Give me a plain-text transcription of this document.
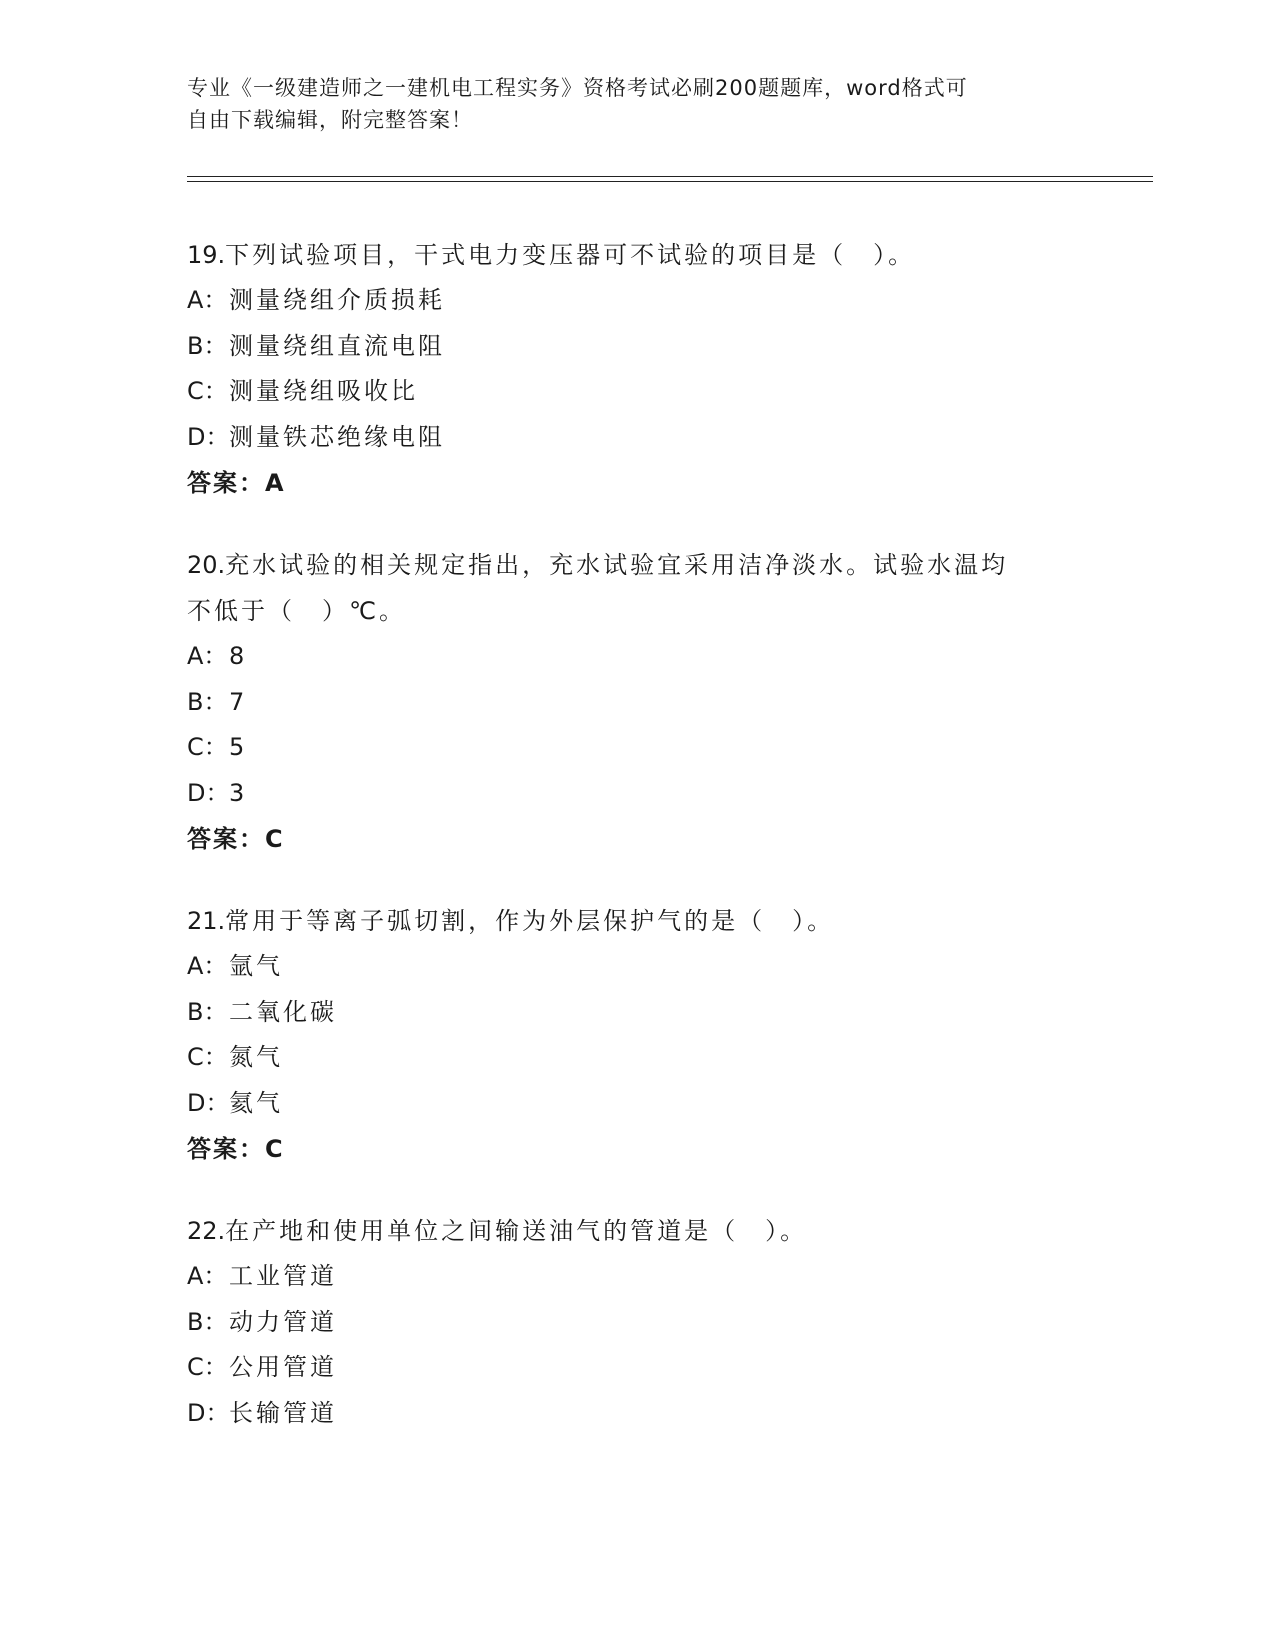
专业《一级建造师之一建机电工程实务》资格考试必刷200题题库，word格式可
自由下载编辑，附完整答案！

19.下列试验项目，干式电力变压器可不试验的项目是（　）。

A：测量绕组介质损耗

B：测量绕组直流电阻

C：测量绕组吸收比

D：测量铁芯绝缘电阻

答案：A

20.充水试验的相关规定指出，充水试验宜采用洁净淡水。试验水温均
不低于（　）℃。

A：8

B：7

C：5

D：3

答案：C

21.常用于等离子弧切割，作为外层保护气的是（　）。

A：氩气

B：二氧化碳

C：氮气

D：氦气

答案：C

22.在产地和使用单位之间输送油气的管道是（　）。

A：工业管道

B：动力管道

C：公用管道

D：长输管道
